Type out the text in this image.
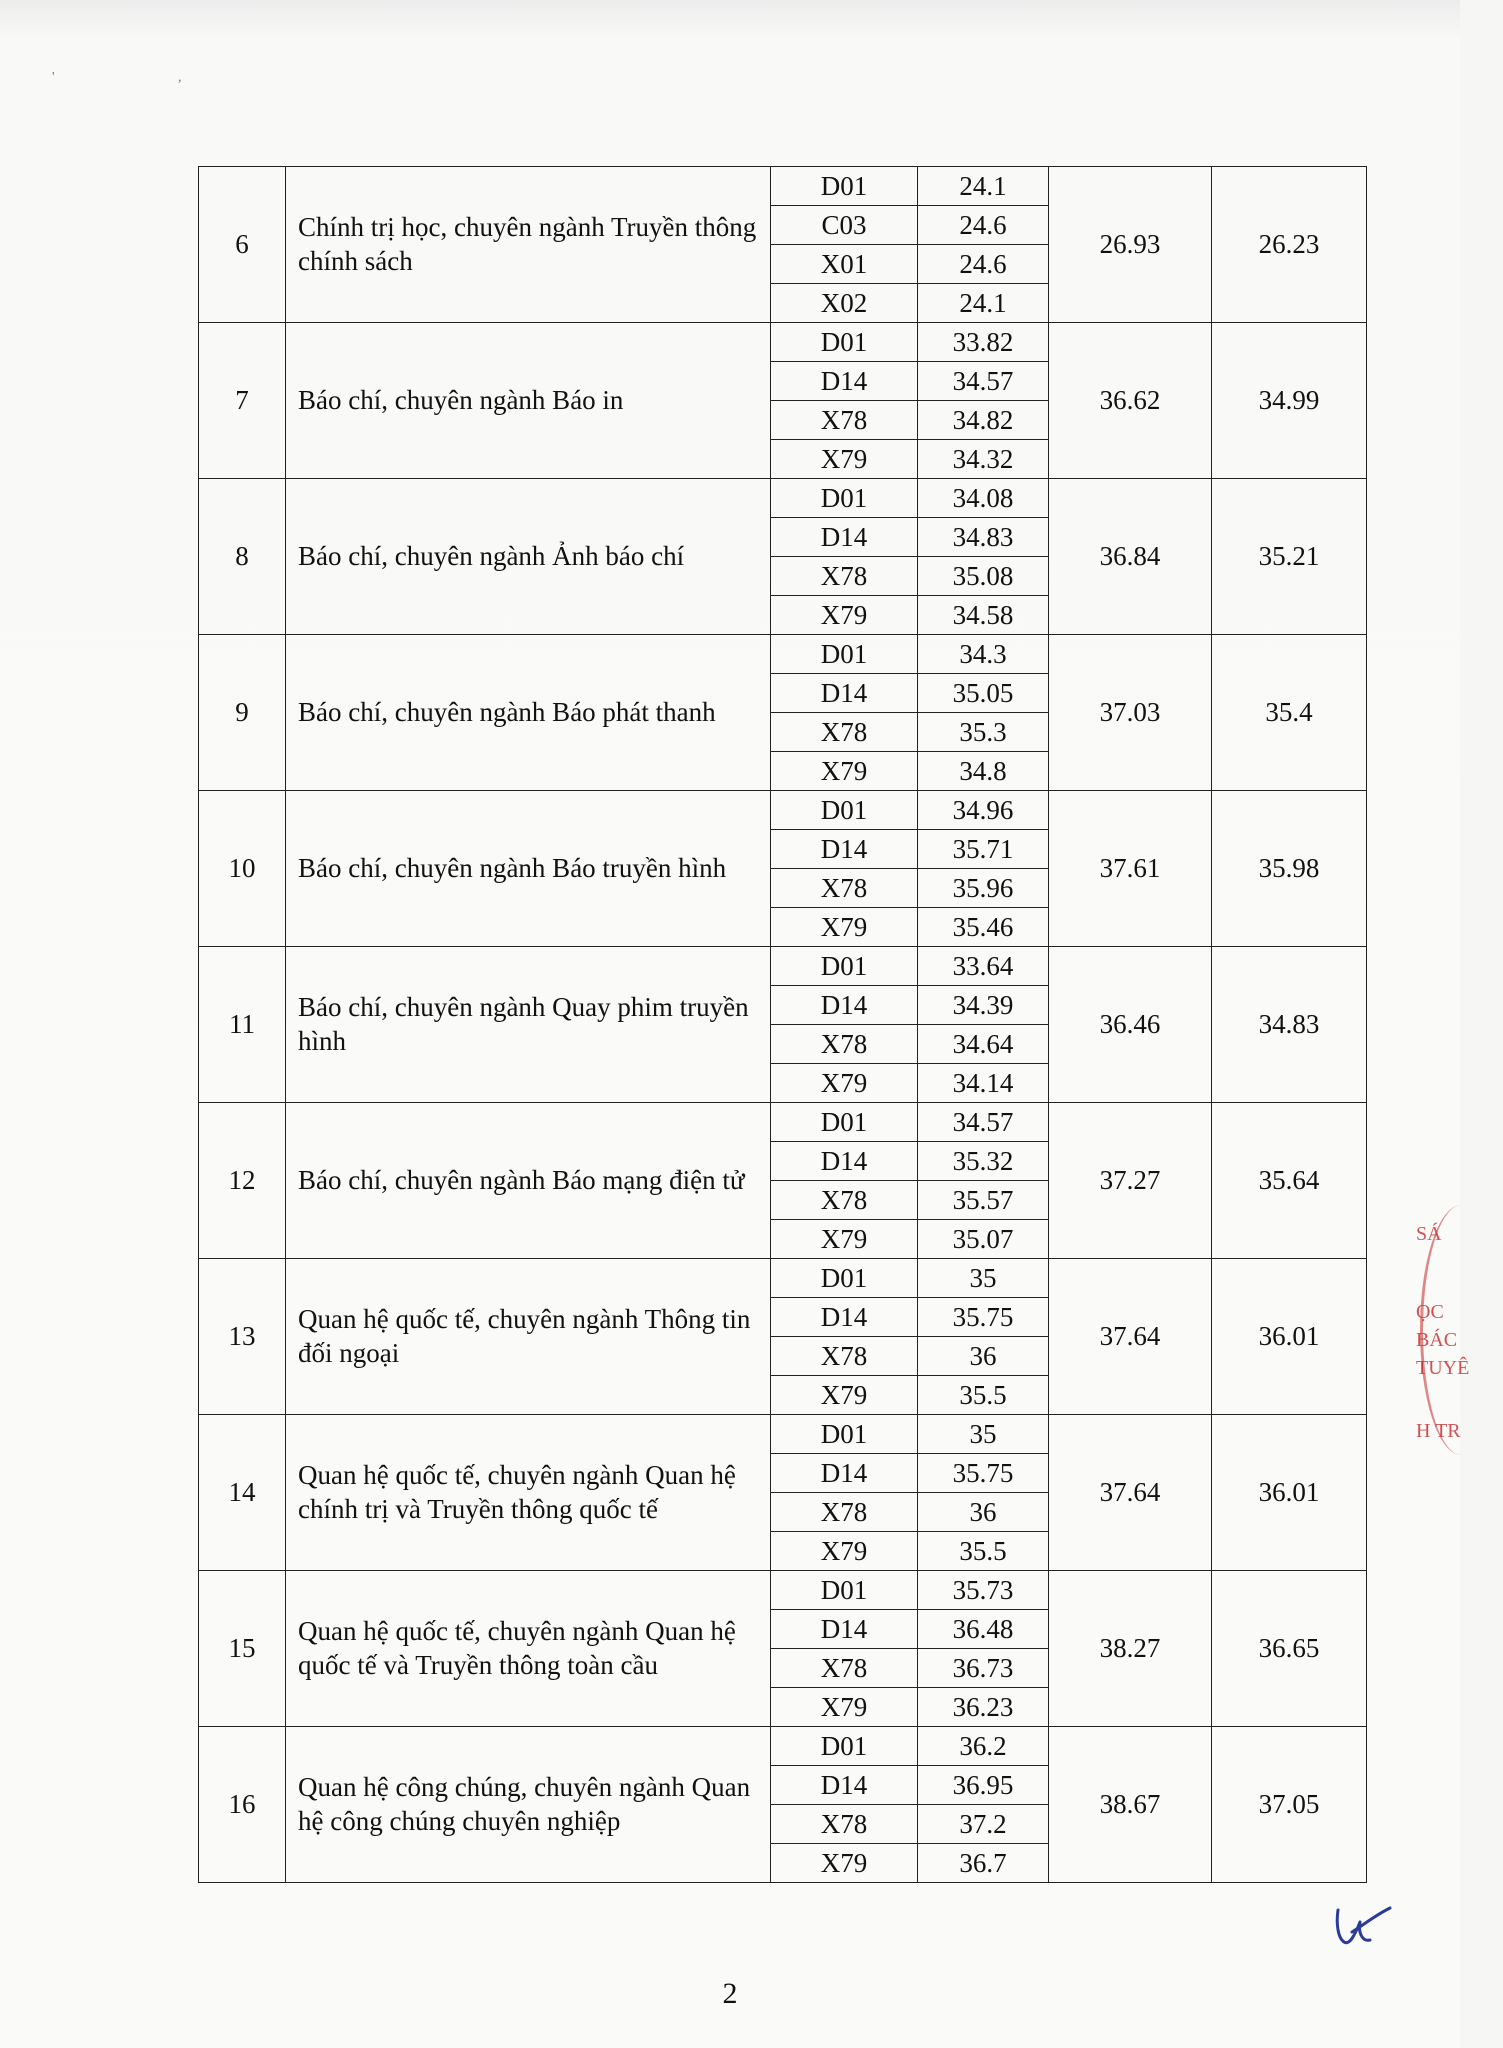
' ,
6	Chính trị học, chuyên ngành Truyền thông chính sách	D01	24.1	26.93	26.23
		C03	24.6		
		X01	24.6		
		X02	24.1		
7	Báo chí, chuyên ngành Báo in	D01	33.82	36.62	34.99
		D14	34.57		
		X78	34.82		
		X79	34.32		
8	Báo chí, chuyên ngành Ảnh báo chí	D01	34.08	36.84	35.21
		D14	34.83		
		X78	35.08		
		X79	34.58		
9	Báo chí, chuyên ngành Báo phát thanh	D01	34.3	37.03	35.4
		D14	35.05		
		X78	35.3		
		X79	34.8		
10	Báo chí, chuyên ngành Báo truyền hình	D01	34.96	37.61	35.98
		D14	35.71		
		X78	35.96		
		X79	35.46		
11	Báo chí, chuyên ngành Quay phim truyền hình	D01	33.64	36.46	34.83
		D14	34.39		
		X78	34.64		
		X79	34.14		
12	Báo chí, chuyên ngành Báo mạng điện tử	D01	34.57	37.27	35.64
		D14	35.32		
		X78	35.57		
		X79	35.07		
13	Quan hệ quốc tế, chuyên ngành Thông tin đối ngoại	D01	35	37.64	36.01
		D14	35.75		
		X78	36		
		X79	35.5		
14	Quan hệ quốc tế, chuyên ngành Quan hệ chính trị và Truyền thông quốc tế	D01	35	37.64	36.01
		D14	35.75		
		X78	36		
		X79	35.5		
15	Quan hệ quốc tế, chuyên ngành Quan hệ quốc tế và Truyền thông toàn cầu	D01	35.73	38.27	36.65
		D14	36.48		
		X78	36.73		
		X79	36.23		
16	Quan hệ công chúng, chuyên ngành Quan hệ công chúng chuyên nghiệp	D01	36.2	38.67	37.05
		D14	36.95		
		X78	37.2		
		X79	36.7		
2
SÁ
ỌC
BÁC
TUYÊ
H TR
